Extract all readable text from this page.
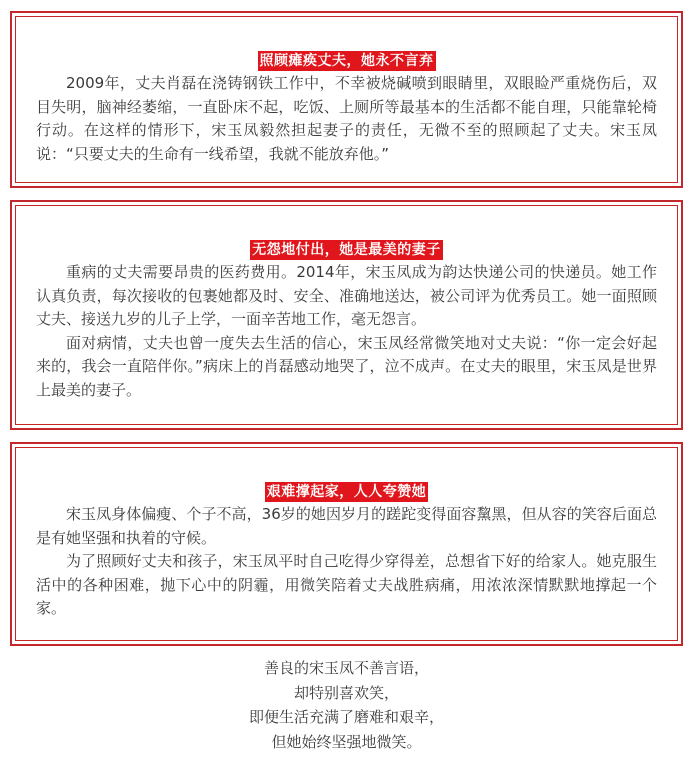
照顾瘫痪丈夫，她永不言弃

2009年，丈夫肖磊在浇铸钢铁工作中，不幸被烧碱喷到眼睛里，双眼睑严重烧伤后，双目失明，脑神经萎缩，一直卧床不起，吃饭、上厕所等最基本的生活都不能自理，只能靠轮椅行动。在这样的情形下，宋玉凤毅然担起妻子的责任，无微不至的照顾起了丈夫。宋玉凤说：“只要丈夫的生命有一线希望，我就不能放弃他。”

无怨地付出，她是最美的妻子

重病的丈夫需要昂贵的医药费用。2014年，宋玉凤成为韵达快递公司的快递员。她工作认真负责，每次接收的包裹她都及时、安全、准确地送达，被公司评为优秀员工。她一面照顾丈夫、接送九岁的儿子上学，一面辛苦地工作，毫无怨言。

面对病情，丈夫也曾一度失去生活的信心，宋玉凤经常微笑地对丈夫说：“你一定会好起来的，我会一直陪伴你。”病床上的肖磊感动地哭了，泣不成声。在丈夫的眼里，宋玉凤是世界上最美的妻子。

艰难撑起家，人人夸赞她

宋玉凤身体偏瘦、个子不高，36岁的她因岁月的蹉跎变得面容黧黑，但从容的笑容后面总是有她坚强和执着的守候。

为了照顾好丈夫和孩子，宋玉凤平时自己吃得少穿得差，总想省下好的给家人。她克服生活中的各种困难，抛下心中的阴霾，用微笑陪着丈夫战胜病痛，用浓浓深情默默地撑起一个家。

善良的宋玉凤不善言语，
却特别喜欢笑，
即便生活充满了磨难和艰辛，
但她始终坚强地微笑。
